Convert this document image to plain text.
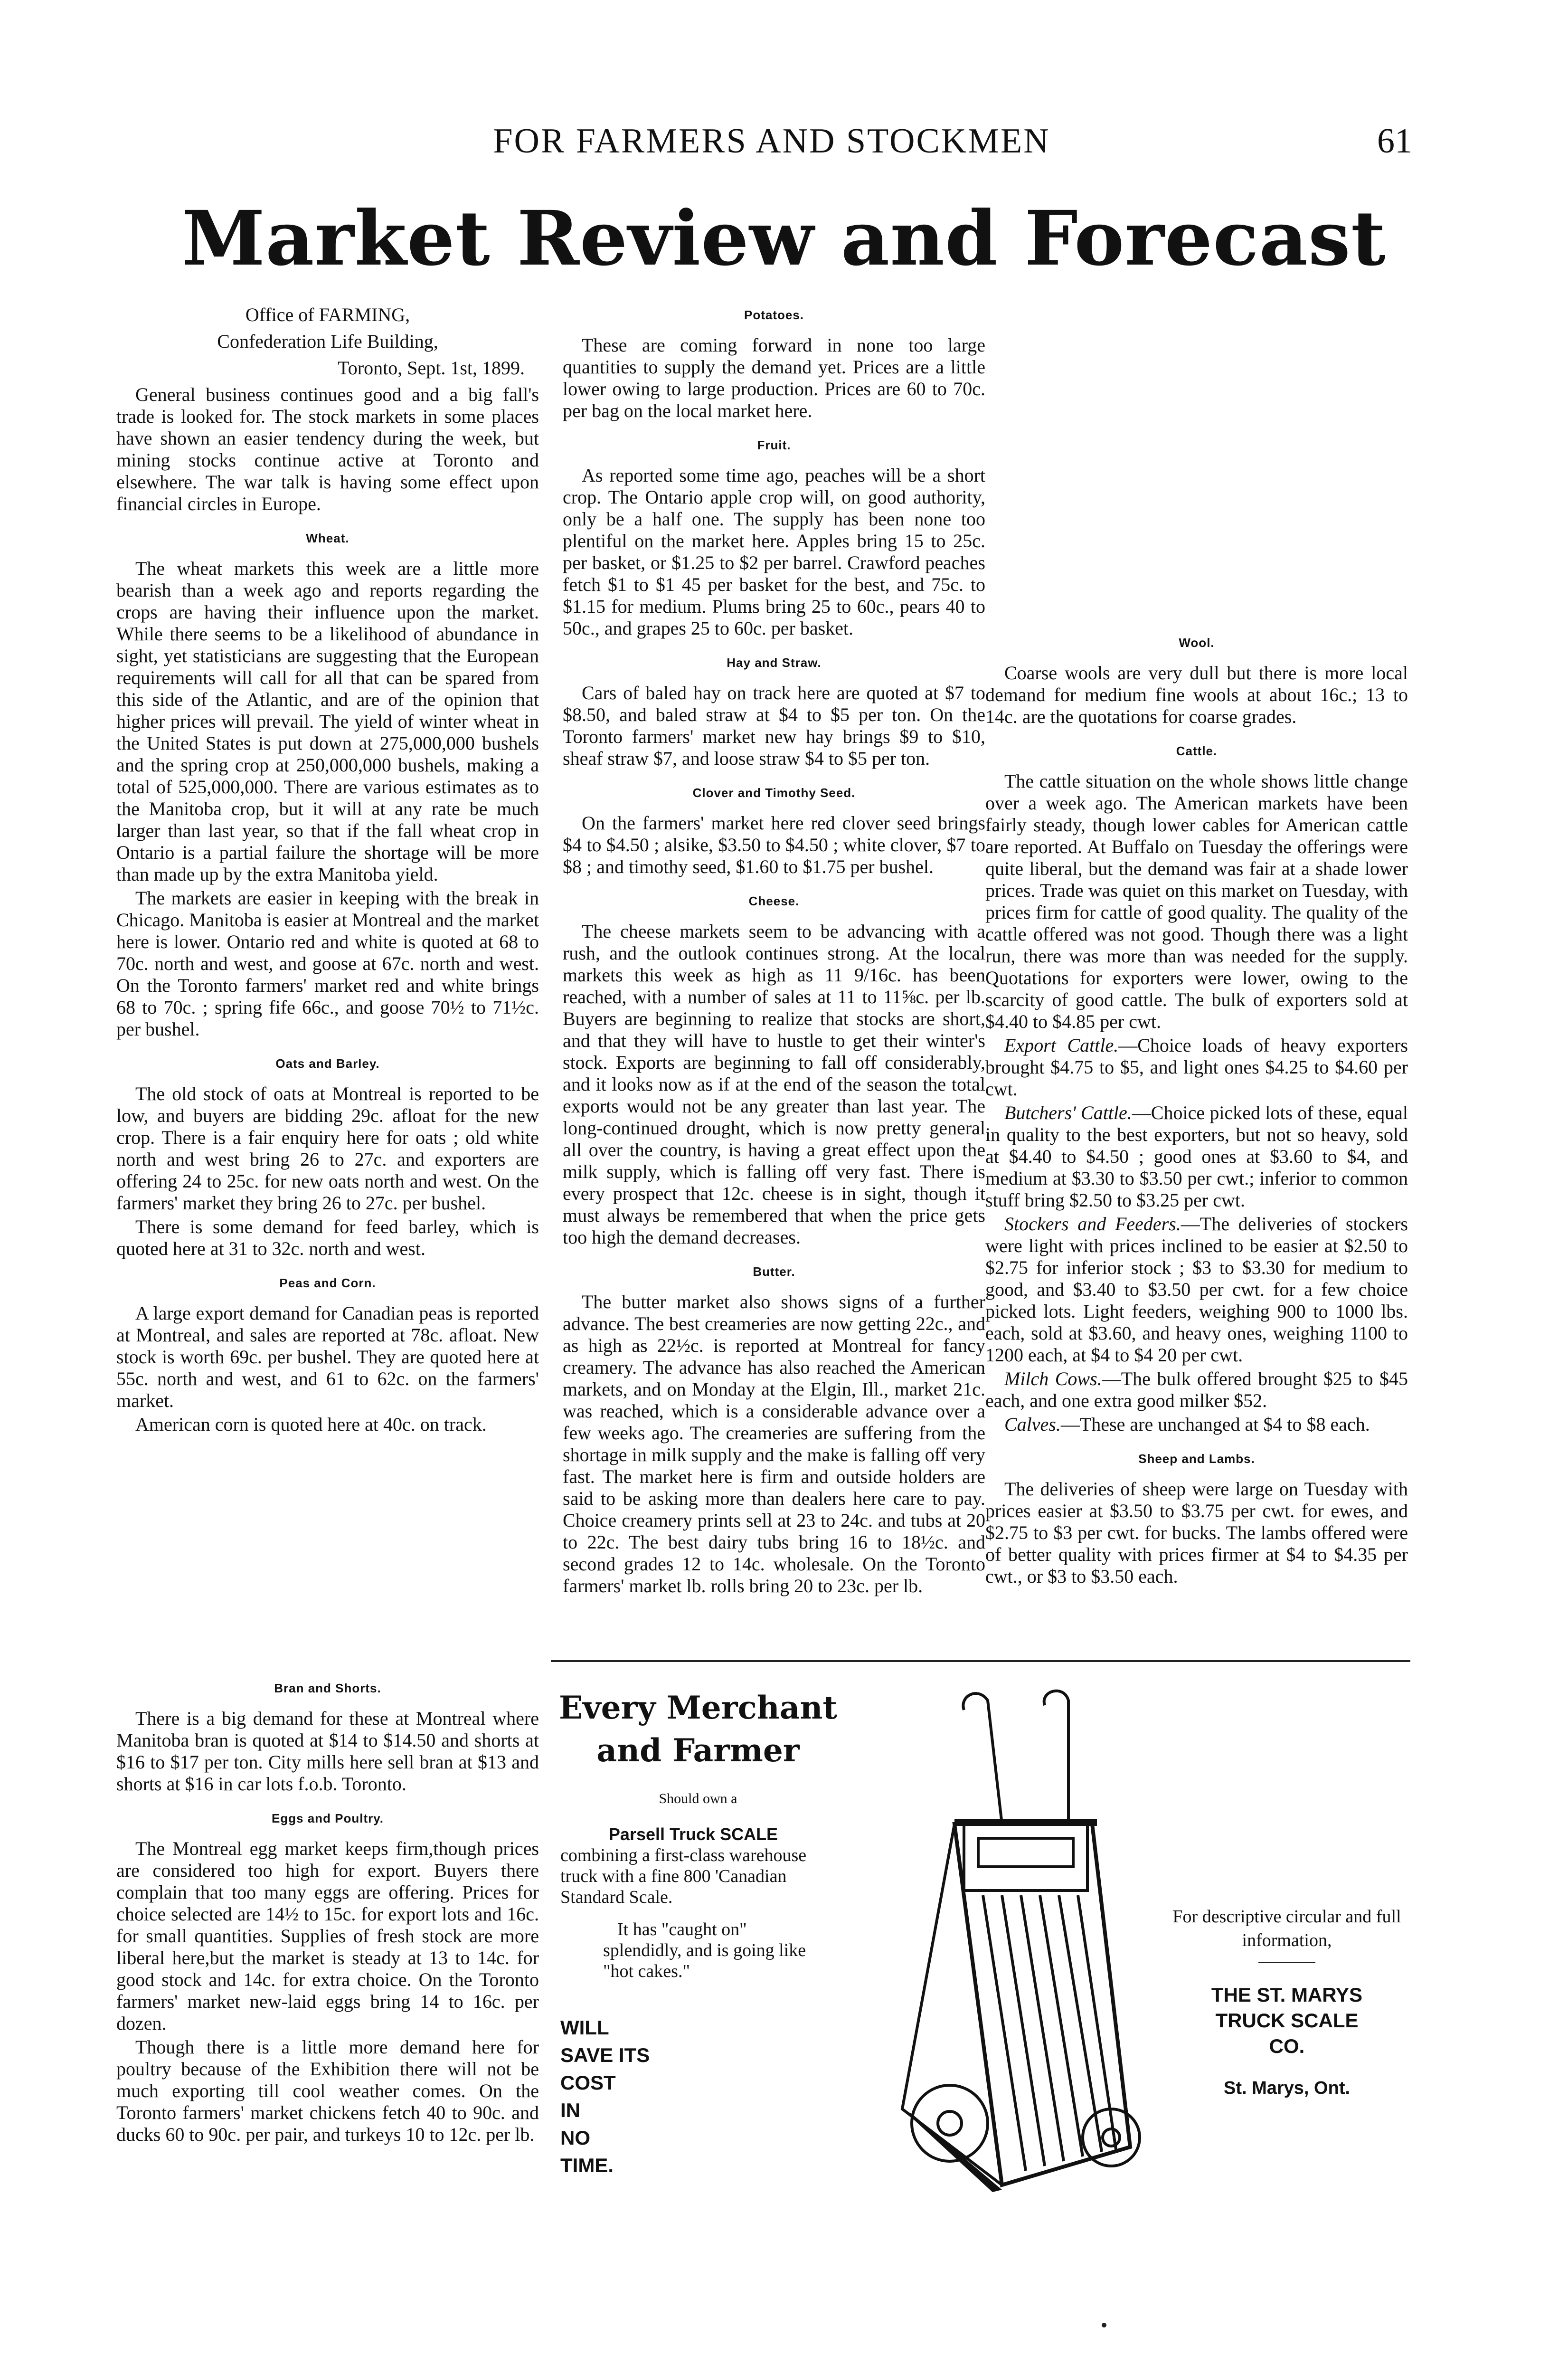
FOR FARMERS AND STOCKMEN	61
Market Review and Forecast
Office of FARMING,
Confederation Life Building,
Toronto, Sept. 1st, 1899.

General business continues good and a big fall's trade is looked for. The stock markets in some places have shown an easier tendency during the week, but mining stocks continue active at Toronto and elsewhere. The war talk is having some effect upon financial circles in Europe.

Wheat.

The wheat markets this week are a little more bearish than a week ago and reports regarding the crops are having their influence upon the market. While there seems to be a likelihood of abundance in sight, yet statisticians are suggesting that the European requirements will call for all that can be spared from this side of the Atlantic, and are of the opinion that higher prices will prevail. The yield of winter wheat in the United States is put down at 275,000,000 bushels and the spring crop at 250,000,000 bushels, making a total of 525,000,000. There are various estimates as to the Manitoba crop, but it will at any rate be much larger than last year, so that if the fall wheat crop in Ontario is a partial failure the shortage will be more than made up by the extra Manitoba yield.

The markets are easier in keeping with the break in Chicago. Manitoba is easier at Montreal and the market here is lower. Ontario red and white is quoted at 68 to 70c. north and west, and goose at 67c. north and west. On the Toronto farmers' market red and white brings 68 to 70c. ; spring fife 66c., and goose 70½ to 71½c. per bushel.

Oats and Barley.

The old stock of oats at Montreal is reported to be low, and buyers are bidding 29c. afloat for the new crop. There is a fair enquiry here for oats ; old white north and west bring 26 to 27c. and exporters are offering 24 to 25c. for new oats north and west. On the farmers' market they bring 26 to 27c. per bushel.

There is some demand for feed barley, which is quoted here at 31 to 32c. north and west.

Peas and Corn.

A large export demand for Canadian peas is reported at Montreal, and sales are reported at 78c. afloat. New stock is worth 69c. per bushel. They are quoted here at 55c. north and west, and 61 to 62c. on the farmers' market.

American corn is quoted here at 40c. on track.

Bran and Shorts.

There is a big demand for these at Montreal where Manitoba bran is quoted at $14 to $14.50 and shorts at $16 to $17 per ton. City mills here sell bran at $13 and shorts at $16 in car lots f.o.b. Toronto.

Eggs and Poultry.

The Montreal egg market keeps firm,though prices are considered too high for export. Buyers there complain that too many eggs are offering. Prices for choice selected are 14½ to 15c. for export lots and 16c. for small quantities. Supplies of fresh stock are more liberal here,but the market is steady at 13 to 14c. for good stock and 14c. for extra choice. On the Toronto farmers' market new-laid eggs bring 14 to 16c. per dozen.

Though there is a little more demand here for poultry because of the Exhibition there will not be much exporting till cool weather comes. On the Toronto farmers' market chickens fetch 40 to 90c. and ducks 60 to 90c. per pair, and turkeys 10 to 12c. per lb.

Potatoes.

These are coming forward in none too large quantities to supply the demand yet. Prices are a little lower owing to large production. Prices are 60 to 70c. per bag on the local market here.

Fruit.

As reported some time ago, peaches will be a short crop. The Ontario apple crop will, on good authority, only be a half one. The supply has been none too plentiful on the market here. Apples bring 15 to 25c. per basket, or $1.25 to $2 per barrel. Crawford peaches fetch $1 to $1 45 per basket for the best, and 75c. to $1.15 for medium. Plums bring 25 to 60c., pears 40 to 50c., and grapes 25 to 60c. per basket.

Hay and Straw.

Cars of baled hay on track here are quoted at $7 to $8.50, and baled straw at $4 to $5 per ton. On the Toronto farmers' market new hay brings $9 to $10, sheaf straw $7, and loose straw $4 to $5 per ton.

Clover and Timothy Seed.

On the farmers' market here red clover seed brings $4 to $4.50 ; alsike, $3.50 to $4.50 ; white clover, $7 to $8 ; and timothy seed, $1.60 to $1.75 per bushel.

Cheese.

The cheese markets seem to be advancing with a rush, and the outlook continues strong. At the local markets this week as high as 11 9/16c. has been reached, with a number of sales at 11 to 11⅝c. per lb. Buyers are beginning to realize that stocks are short, and that they will have to hustle to get their winter's stock. Exports are beginning to fall off considerably, and it looks now as if at the end of the season the total exports would not be any greater than last year. The long-continued drought, which is now pretty general all over the country, is having a great effect upon the milk supply, which is falling off very fast. There is every prospect that 12c. cheese is in sight, though it must always be remembered that when the price gets too high the demand decreases.

Butter.

The butter market also shows signs of a further advance. The best creameries are now getting 22c., and as high as 22½c. is reported at Montreal for fancy creamery. The advance has also reached the American markets, and on Monday at the Elgin, Ill., market 21c. was reached, which is a considerable advance over a few weeks ago. The creameries are suffering from the shortage in milk supply and the make is falling off very fast. The market here is firm and outside holders are said to be asking more than dealers here care to pay. Choice creamery prints sell at 23 to 24c. and tubs at 20 to 22c. The best dairy tubs bring 16 to 18½c. and second grades 12 to 14c. wholesale. On the Toronto farmers' market lb. rolls bring 20 to 23c. per lb.

Wool.

Coarse wools are very dull but there is more local demand for medium fine wools at about 16c.; 13 to 14c. are the quotations for coarse grades.

Cattle.

The cattle situation on the whole shows little change over a week ago. The American markets have been fairly steady, though lower cables for American cattle are reported. At Buffalo on Tuesday the offerings were quite liberal, but the demand was fair at a shade lower prices. Trade was quiet on this market on Tuesday, with prices firm for cattle of good quality. The quality of the cattle offered was not good. Though there was a light run, there was more than was needed for the supply. Quotations for exporters were lower, owing to the scarcity of good cattle. The bulk of exporters sold at $4.40 to $4.85 per cwt.

Export Cattle.—Choice loads of heavy exporters brought $4.75 to $5, and light ones $4.25 to $4.60 per cwt.

Butchers' Cattle.—Choice picked lots of these, equal in quality to the best exporters, but not so heavy, sold at $4.40 to $4.50 ; good ones at $3.60 to $4, and medium at $3.30 to $3.50 per cwt.; inferior to common stuff bring $2.50 to $3.25 per cwt.

Stockers and Feeders.—The deliveries of stockers were light with prices inclined to be easier at $2.50 to $2.75 for inferior stock ; $3 to $3.30 for medium to good, and $3.40 to $3.50 per cwt. for a few choice picked lots. Light feeders, weighing 900 to 1000 lbs. each, sold at $3.60, and heavy ones, weighing 1100 to 1200 each, at $4 to $4 20 per cwt.

Milch Cows.—The bulk offered brought $25 to $45 each, and one extra good milker $52.

Calves.—These are unchanged at $4 to $8 each.

Sheep and Lambs.

The deliveries of sheep were large on Tuesday with prices easier at $3.50 to $3.75 per cwt. for ewes, and $2.75 to $3 per cwt. for bucks. The lambs offered were of better quality with prices firmer at $4 to $4.35 per cwt., or $3 to $3.50 each.

Every Merchant
and Farmer
Should own a
Parsell Truck SCALE
combining a first-class warehouse truck with a fine 800 'Canadian Standard Scale.
It has "caught on" splendidly, and is going like "hot cakes."
WILL
SAVE ITS
COST
IN
NO
TIME.
For descriptive circular and full information,
THE ST. MARYS
TRUCK SCALE
CO.
St. Marys, Ont.
